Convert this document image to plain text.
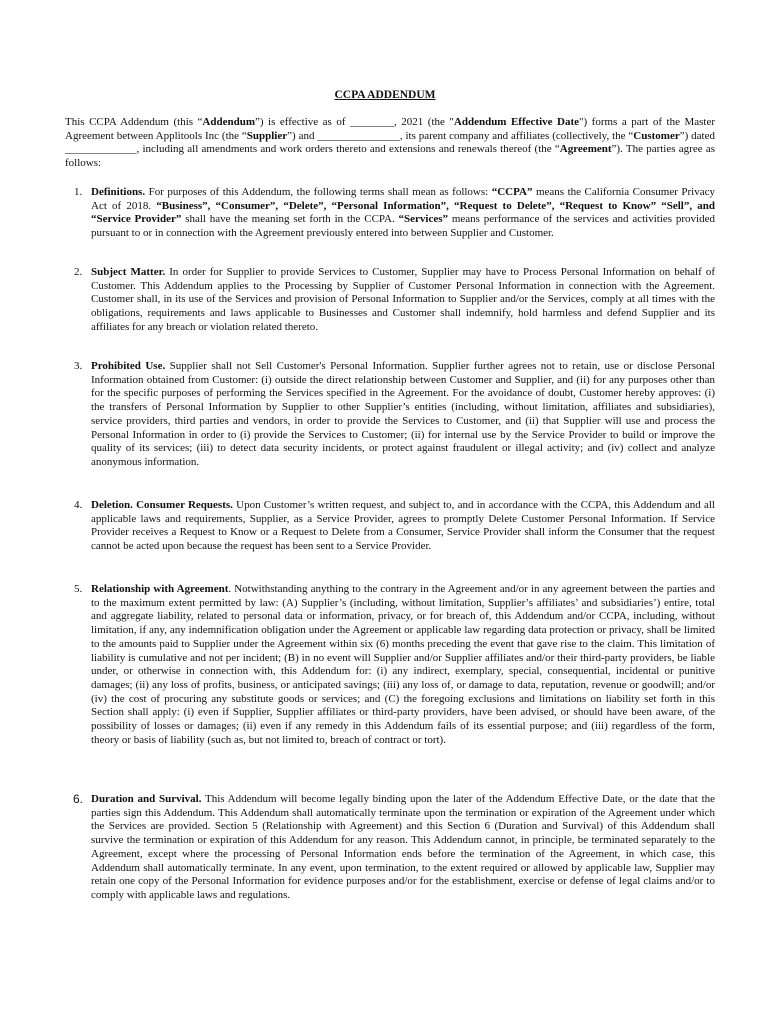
CCPA ADDENDUM
This CCPA Addendum (this “Addendum”) is effective as of ________, 2021 (the "Addendum Effective Date") forms a part of the Master Agreement between Applitools Inc (the “Supplier”) and _______________, its parent company and affiliates (collectively, the “Customer”) dated _____________, including all amendments and work orders thereto and extensions and renewals thereof (the “Agreement”). The parties agree as follows:
1. Definitions. For purposes of this Addendum, the following terms shall mean as follows: “CCPA” means the California Consumer Privacy Act of 2018. “Business”, “Consumer”, “Delete”, “Personal Information”, “Request to Delete”, “Request to Know” “Sell”, and “Service Provider” shall have the meaning set forth in the CCPA. “Services” means performance of the services and activities provided pursuant to or in connection with the Agreement previously entered into between Supplier and Customer.
2. Subject Matter. In order for Supplier to provide Services to Customer, Supplier may have to Process Personal Information on behalf of Customer. This Addendum applies to the Processing by Supplier of Customer Personal Information in connection with the Agreement. Customer shall, in its use of the Services and provision of Personal Information to Supplier and/or the Services, comply at all times with the obligations, requirements and laws applicable to Businesses and Customer shall indemnify, hold harmless and defend Supplier and its affiliates for any breach or violation related thereto.
3. Prohibited Use. Supplier shall not Sell Customer's Personal Information. Supplier further agrees not to retain, use or disclose Personal Information obtained from Customer: (i) outside the direct relationship between Customer and Supplier, and (ii) for any purposes other than for the specific purposes of performing the Services specified in the Agreement. For the avoidance of doubt, Customer hereby approves: (i) the transfers of Personal Information by Supplier to other Supplier’s entities (including, without limitation, affiliates and subsidiaries), service providers, third parties and vendors, in order to provide the Services to Customer, and (ii) that Supplier will use and process the Personal Information in order to (i) provide the Services to Customer; (ii) for internal use by the Service Provider to build or improve the quality of its services; (iii) to detect data security incidents, or protect against fraudulent or illegal activity; and (iv) collect and analyze anonymous information.
4. Deletion. Consumer Requests. Upon Customer’s written request, and subject to, and in accordance with the CCPA, this Addendum and all applicable laws and requirements, Supplier, as a Service Provider, agrees to promptly Delete Customer Personal Information. If Service Provider receives a Request to Know or a Request to Delete from a Consumer, Service Provider shall inform the Consumer that the request cannot be acted upon because the request has been sent to a Service Provider.
5. Relationship with Agreement. Notwithstanding anything to the contrary in the Agreement and/or in any agreement between the parties and to the maximum extent permitted by law: (A) Supplier’s (including, without limitation, Supplier’s affiliates’ and subsidiaries’) entire, total and aggregate liability, related to personal data or information, privacy, or for breach of, this Addendum and/or CCPA, including, without limitation, if any, any indemnification obligation under the Agreement or applicable law regarding data protection or privacy, shall be limited to the amounts paid to Supplier under the Agreement within six (6) months preceding the event that gave rise to the claim. This limitation of liability is cumulative and not per incident; (B) in no event will Supplier and/or Supplier affiliates and/or their third-party providers, be liable under, or otherwise in connection with, this Addendum for: (i) any indirect, exemplary, special, consequential, incidental or punitive damages; (ii) any loss of profits, business, or anticipated savings; (iii) any loss of, or damage to data, reputation, revenue or goodwill; and/or (iv) the cost of procuring any substitute goods or services; and (C) the foregoing exclusions and limitations on liability set forth in this Section shall apply: (i) even if Supplier, Supplier affiliates or third-party providers, have been advised, or should have been aware, of the possibility of losses or damages; (ii) even if any remedy in this Addendum fails of its essential purpose; and (iii) regardless of the form, theory or basis of liability (such as, but not limited to, breach of contract or tort).
6. Duration and Survival. This Addendum will become legally binding upon the later of the Addendum Effective Date, or the date that the parties sign this Addendum. This Addendum shall automatically terminate upon the termination or expiration of the Agreement under which the Services are provided. Section 5 (Relationship with Agreement) and this Section 6 (Duration and Survival) of this Addendum shall survive the termination or expiration of this Addendum for any reason. This Addendum cannot, in principle, be terminated separately to the Agreement, except where the processing of Personal Information ends before the termination of the Agreement, in which case, this Addendum shall automatically terminate. In any event, upon termination, to the extent required or allowed by applicable law, Supplier may retain one copy of the Personal Information for evidence purposes and/or for the establishment, exercise or defense of legal claims and/or to comply with applicable laws and regulations.
